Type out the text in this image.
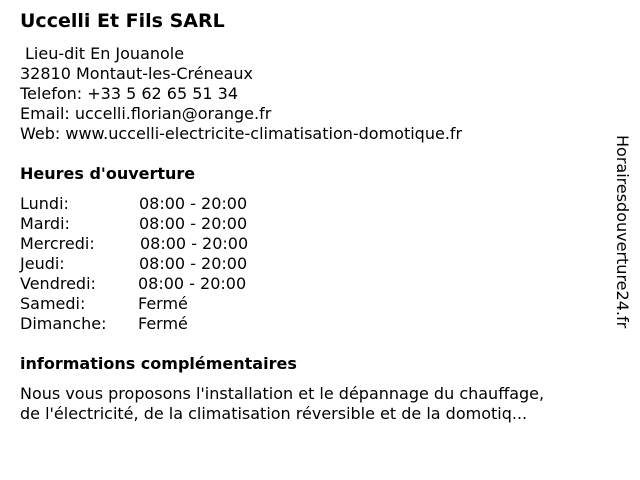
Uccelli Et Fils SARL
Lieu-dit En Jouanole
32810 Montaut-les-Créneaux
Telefon: +33 5 62 65 51 34
Email: uccelli.florian@orange.fr
Web: www.uccelli-electricite-climatisation-domotique.fr
Heures d'ouverture
Lundi:	08:00 - 20:00
Mardi:	08:00 - 20:00
Mercredi:	08:00 - 20:00
Jeudi:	08:00 - 20:00
Vendredi:	08:00 - 20:00
Samedi:	Fermé
Dimanche: Fermé
informations complémentaires
Nous vous proposons l'installation et le dépannage du chauffage,
de l'électricité, de la climatisation réversible et de la domotiq...
Horairesdouverture24.fr
